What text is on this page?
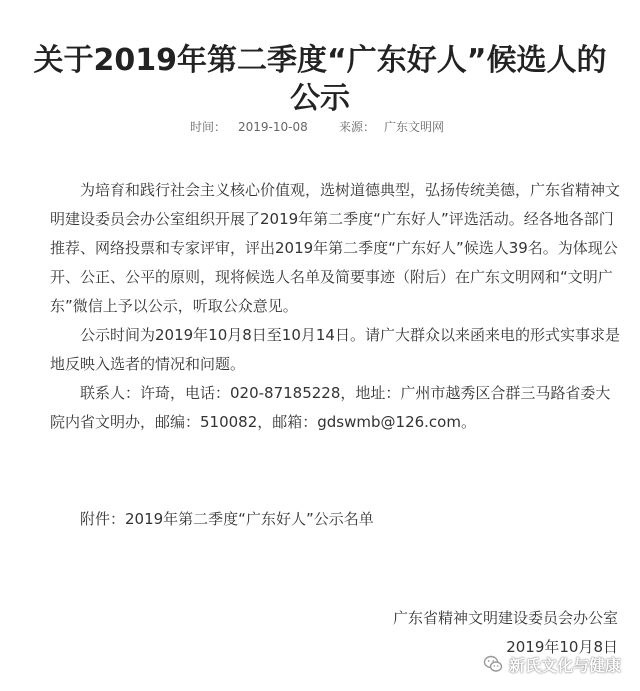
关于2019年第二季度“广东好人”候选人的公示
时间： 2019-10-08	来源： 广东文明网

为培育和践行社会主义核心价值观，选树道德典型，弘扬传统美德，广东省精神文明建设委员会办公室组织开展了2019年第二季度“广东好人”评选活动。经各地各部门推荐、网络投票和专家评审，评出2019年第二季度“广东好人”候选人39名。为体现公开、公正、公平的原则，现将候选人名单及简要事迹（附后）在广东文明网和“文明广东”微信上予以公示，听取公众意见。

公示时间为2019年10月8日至10月14日。请广大群众以来函来电的形式实事求是地反映入选者的情况和问题。

联系人：许琦，电话：020-87185228，地址：广州市越秀区合群三马路省委大院内省文明办，邮编：510082，邮箱：gdswmb@126.com。

附件：2019年第二季度“广东好人”公示名单
广东省精神文明建设委员会办公室
2019年10月8日
新氏文化与健康
